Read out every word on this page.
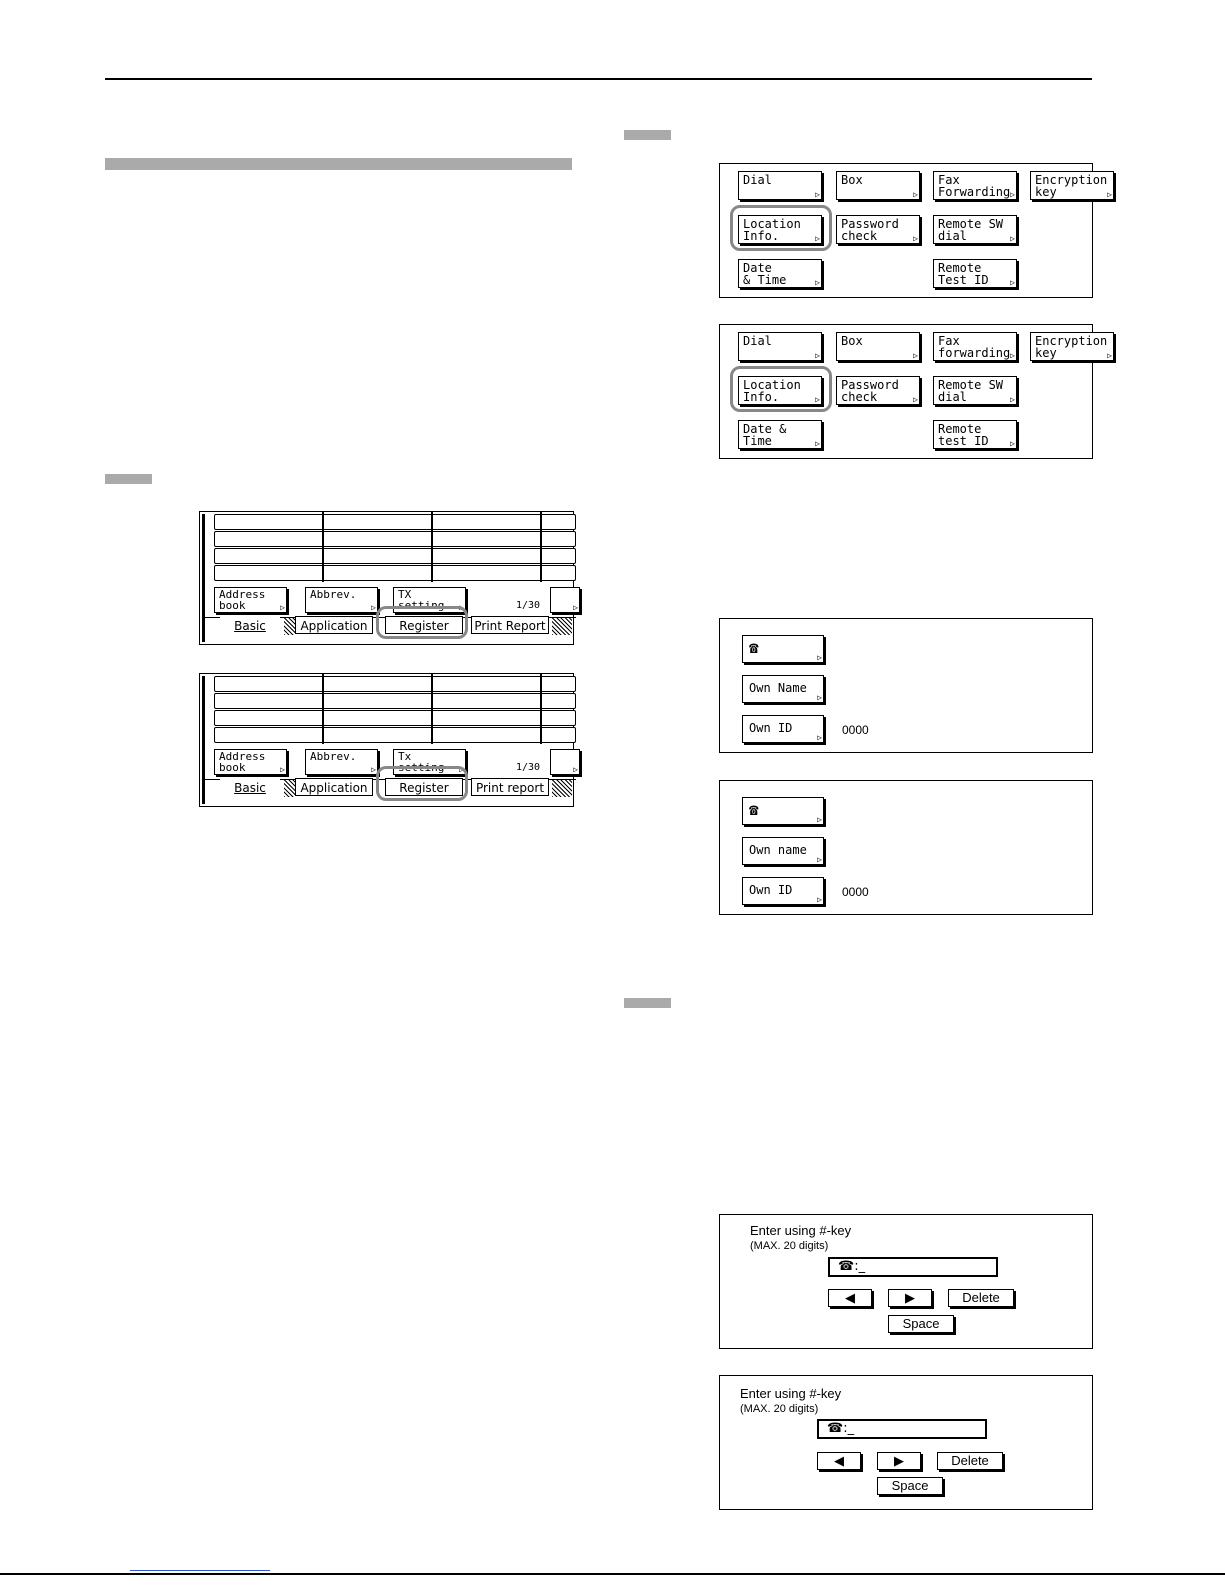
Address
book	▷
Abbrev.
▷
TX
setting ▷	1/30	▷
Basic	Application	Register	Print Report
Address
book	▷
Abbrev.
▷
Tx
setting ▷	1/30	▷
Basic	Application	Register	Print report
Dial
▷
Box
▷
Fax
Forwarding ▷
Encryption
key	▷
Location
Info.	▷
Password
check	▷
Remote SW
dial	▷
Date
& Time	▷
Remote
Test ID	▷
Dial
▷
Box
▷
Fax
forwarding ▷
Encryption
key	▷
Location
Info.	▷
Password
check	▷
Remote SW
dial	▷
Date &
Time	▷
Remote
test ID	▷
☎
▷
Own Name
▷
Own ID
▷
0000
☎
▷
Own name
▷
Own ID
▷
0000
Enter using #-key
(MAX. 20 digits)
☎:_
◀	▶	Delete
Space
Enter using #-key
(MAX. 20 digits)
☎:_
◀	▶	Delete
Space
